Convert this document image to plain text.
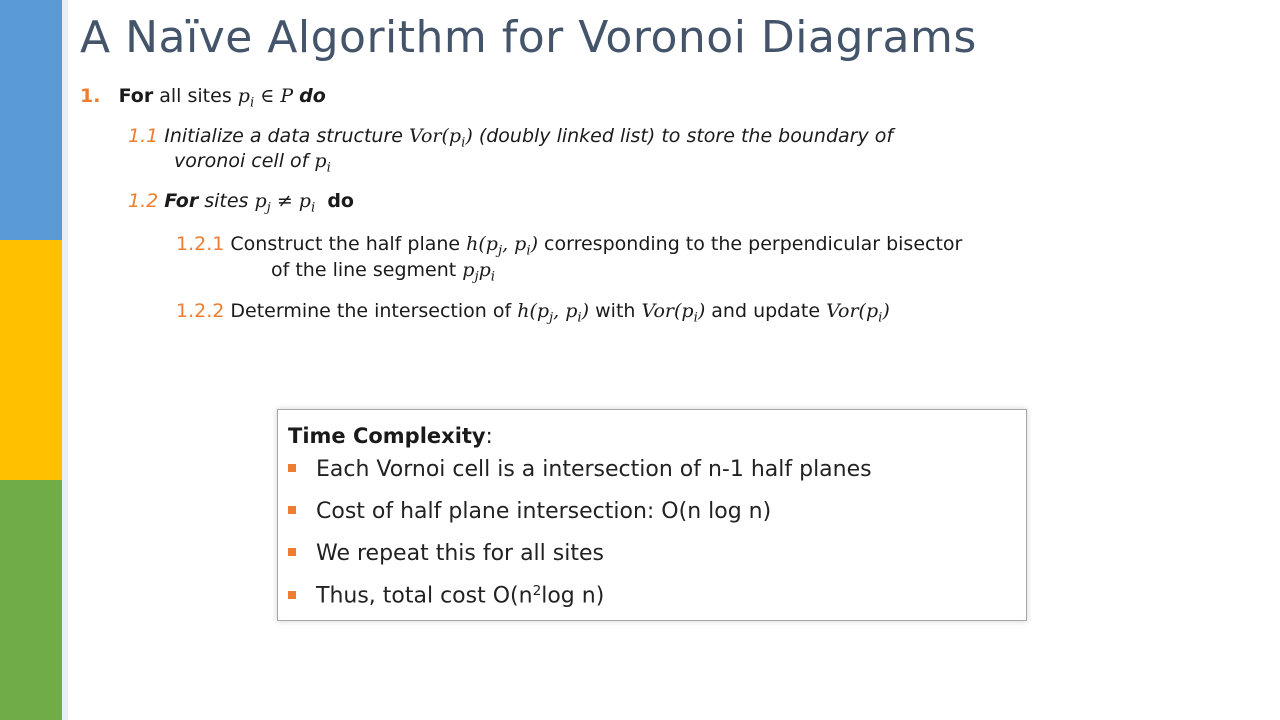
A Naïve Algorithm for Voronoi Diagrams
1. For all sites $p_i$ ∈ P do
1.1 Initialize a data structure $Vor(p_i)$ (doubly linked list) to store the boundary of
voronoi cell of $p_i$
1.2 For sites $p_j \ne p_i$ do
1.2.1 Construct the half plane $h(p_j$, $p_i$) corresponding to the perpendicular bisector
of the line segment $p_jp_i$
1.2.2 Determine the intersection of $h(p_j$, $p_i$) with $Vor(p_i)$ and update $Vor(p_i)$
Time Complexity:
Each Vornoi cell is a intersection of n-1 half planes
Cost of half plane intersection: O(n log n)
We repeat this for all sites
Thus, total cost $O(n^2\log$ n)
